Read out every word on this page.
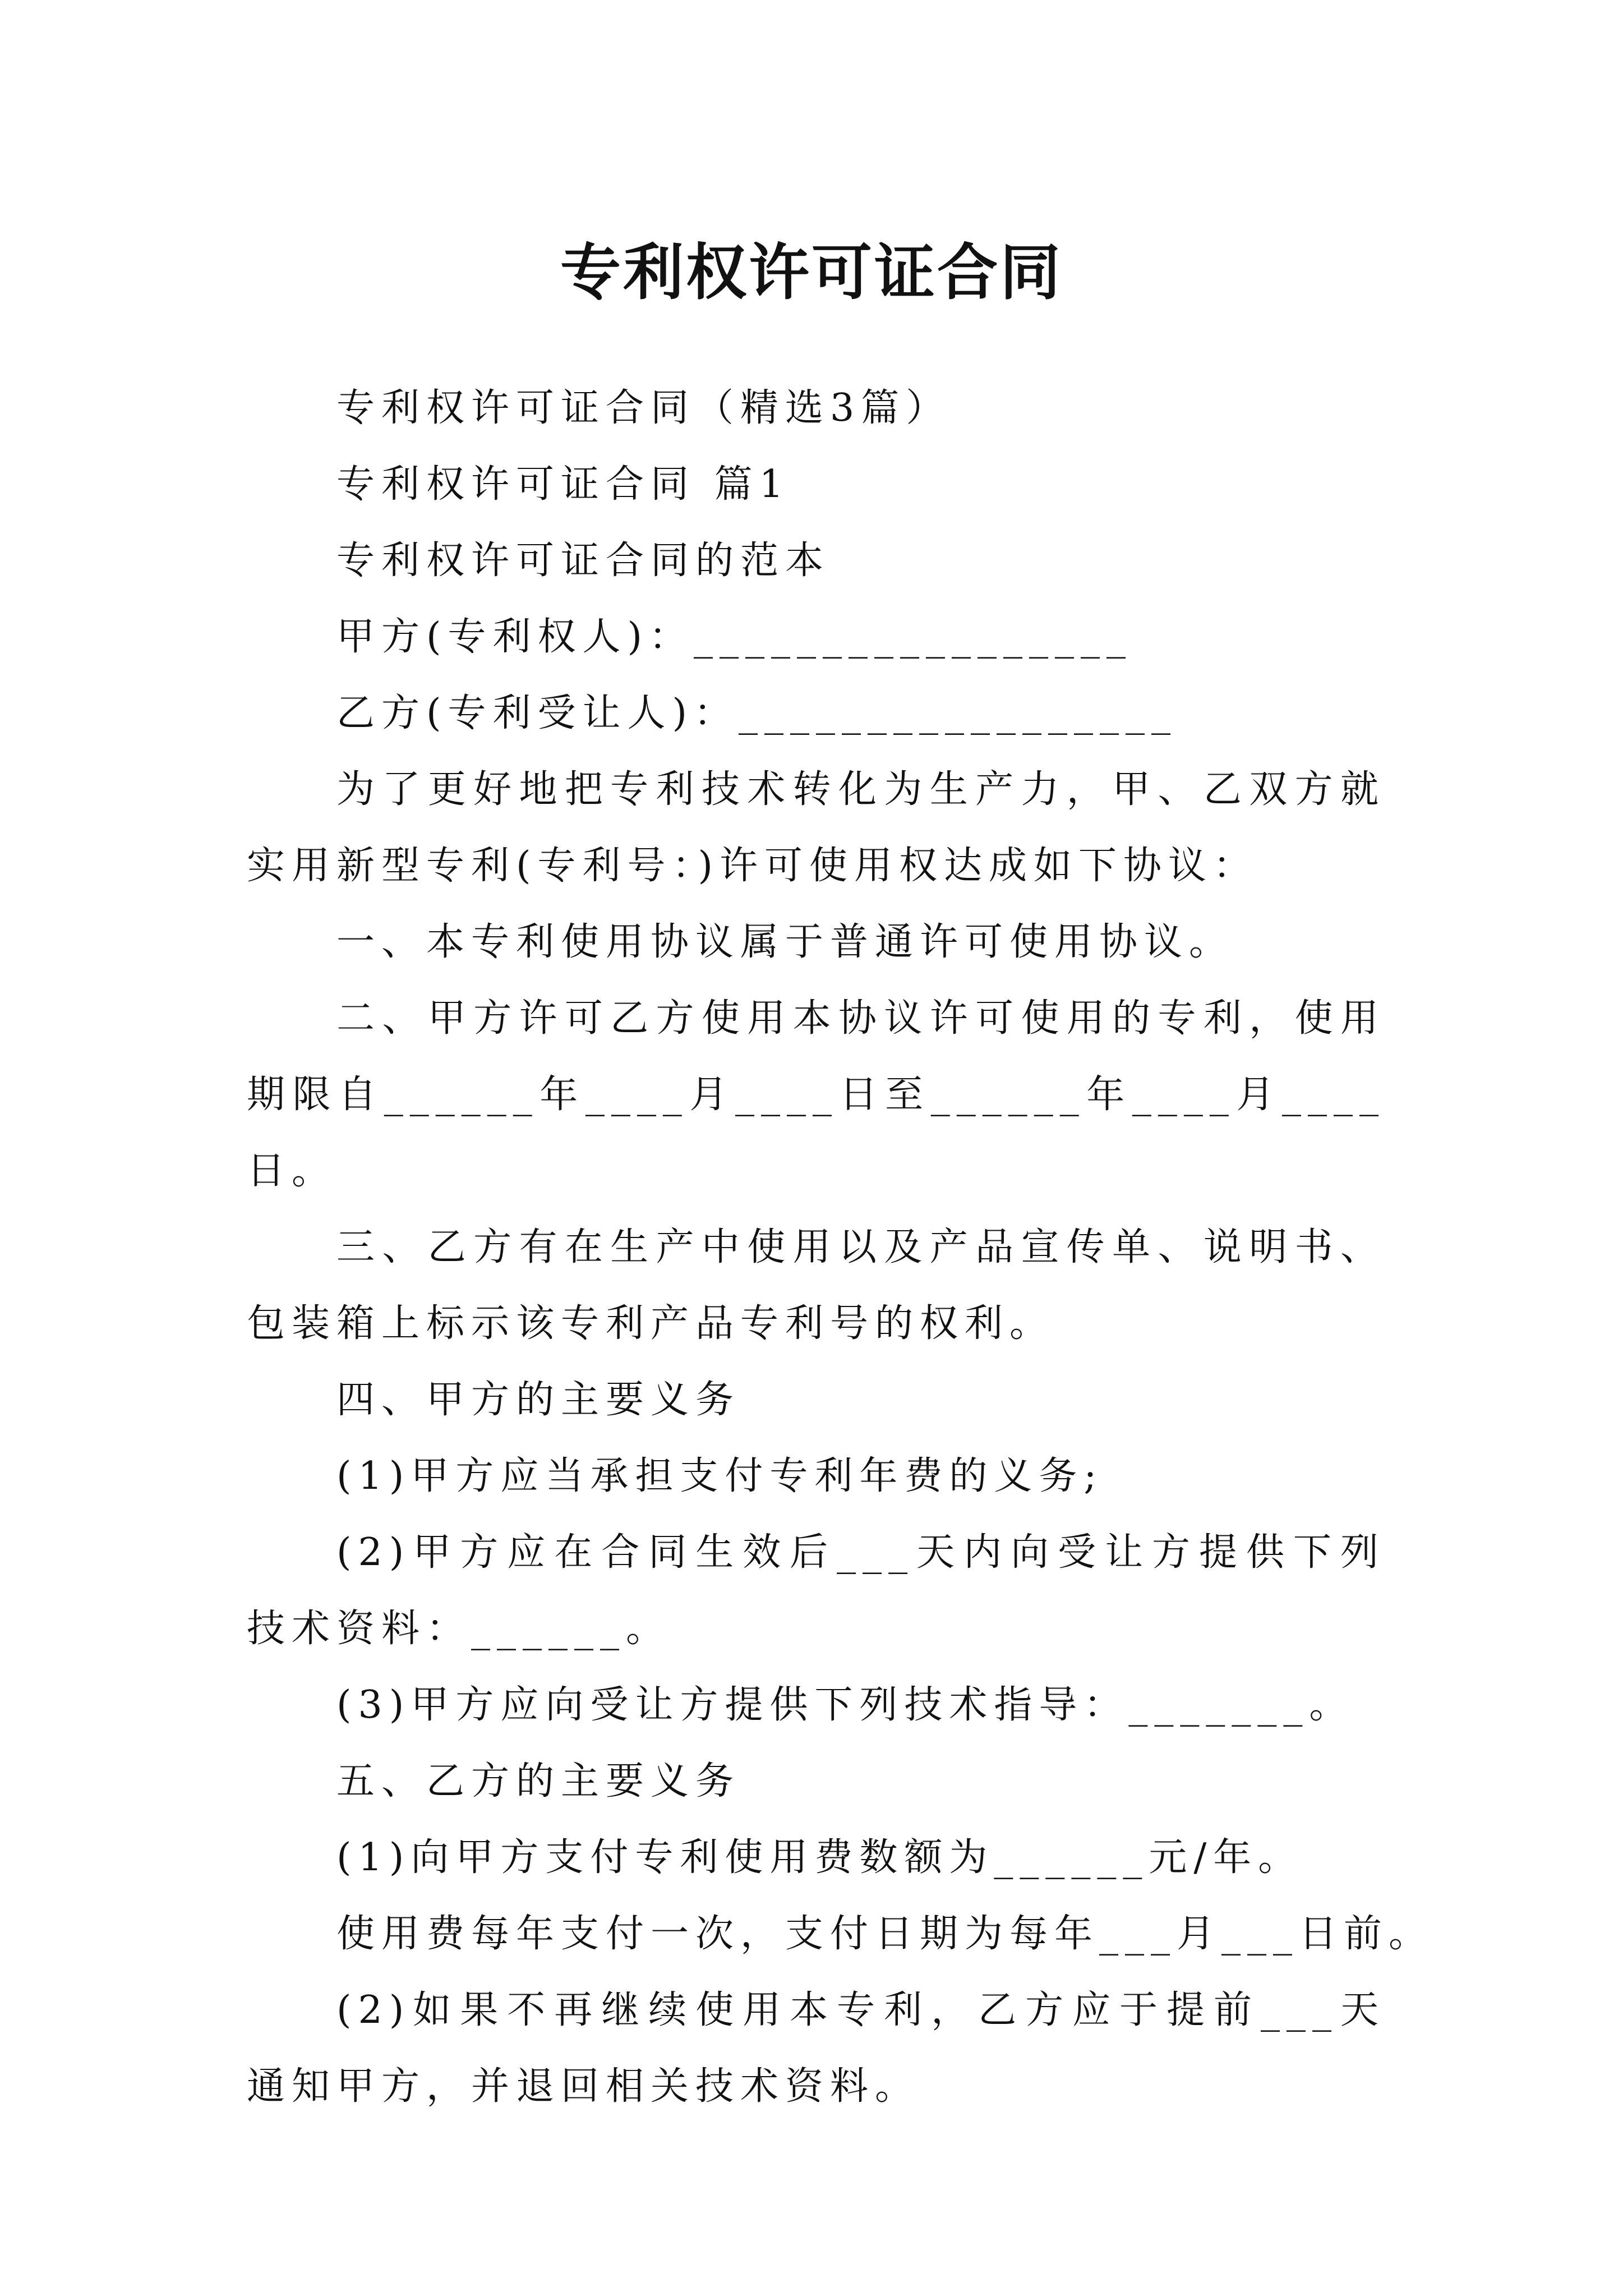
专利权许可证合同

专利权许可证合同（精选3篇）

专利权许可证合同 篇1

专利权许可证合同的范本

甲方(专利权人)：_________________

乙方(专利受让人)：_________________

为了更好地把专利技术转化为生产力，甲、乙双方就实用新型专利(专利号：)许可使用权达成如下协议：

一、本专利使用协议属于普通许可使用协议。

二、甲方许可乙方使用本协议许可使用的专利，使用期限自______年____月____日至______年____月____日。

三、乙方有在生产中使用以及产品宣传单、说明书、包装箱上标示该专利产品专利号的权利。

四、甲方的主要义务

(1)甲方应当承担支付专利年费的义务;

(2)甲方应在合同生效后___天内向受让方提供下列技术资料：______。

(3)甲方应向受让方提供下列技术指导：_______。

五、乙方的主要义务

(1)向甲方支付专利使用费数额为______元/年。

使用费每年支付一次，支付日期为每年___月___日前。

(2)如果不再继续使用本专利，乙方应于提前___天通知甲方，并退回相关技术资料。
